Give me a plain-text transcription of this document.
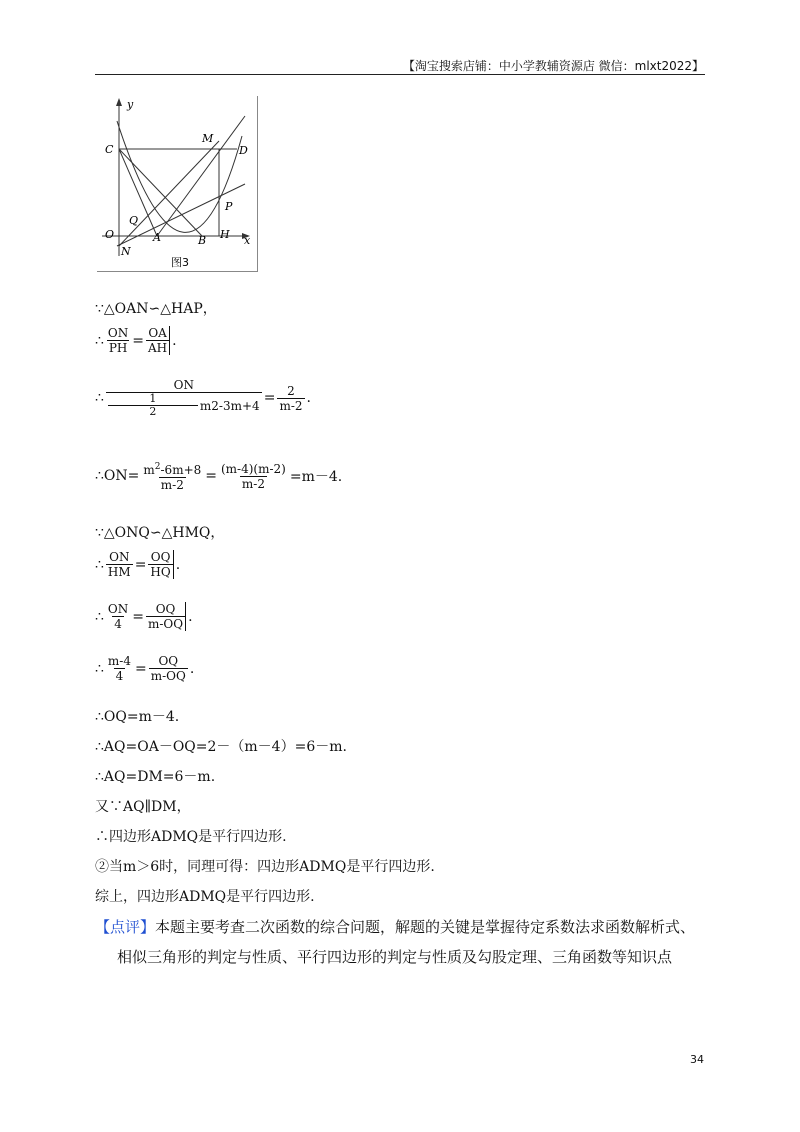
【淘宝搜索店铺：中小学教辅资源店 微信：mlxt2022】
y
x
C
M
D
P
Q
O	A	B H
N
图3
∵△OAN∽△HAP，
∴ $\frac{ON}{PH} = \frac{OA}{AH}$ .
∴ $\frac{ON}{\frac{1}{2} m2-3m+4} = \frac{2}{m-2}$ .
∴ON= $\frac{m^2-6m+8}{m-2} = \frac{(m-4)(m-2)}{m-2} =m-4$.
∵△ONQ∽△HMQ，
∴ $\frac{ON}{HM} = \frac{OQ}{HQ}$ .
∴ $\frac{ON}{4} = \frac{OQ}{m-OQ}$ .
∴ $\frac{m-4}{4} = \frac{OQ}{m-OQ}$ .
∴OQ=m－4.
∴AQ=OA－OQ=2－（m－4）=6－m.
∴AQ=DM=6－m.
又∵AQ∥DM，
∴四边形ADMQ是平行四边形.
②当m＞6时，同理可得：四边形ADMQ是平行四边形.
综上，四边形ADMQ是平行四边形.
【点评】本题主要考查二次函数的综合问题，解题的关键是掌握待定系数法求函数解析式、
相似三角形的判定与性质、平行四边形的判定与性质及勾股定理、三角函数等知识点
34
